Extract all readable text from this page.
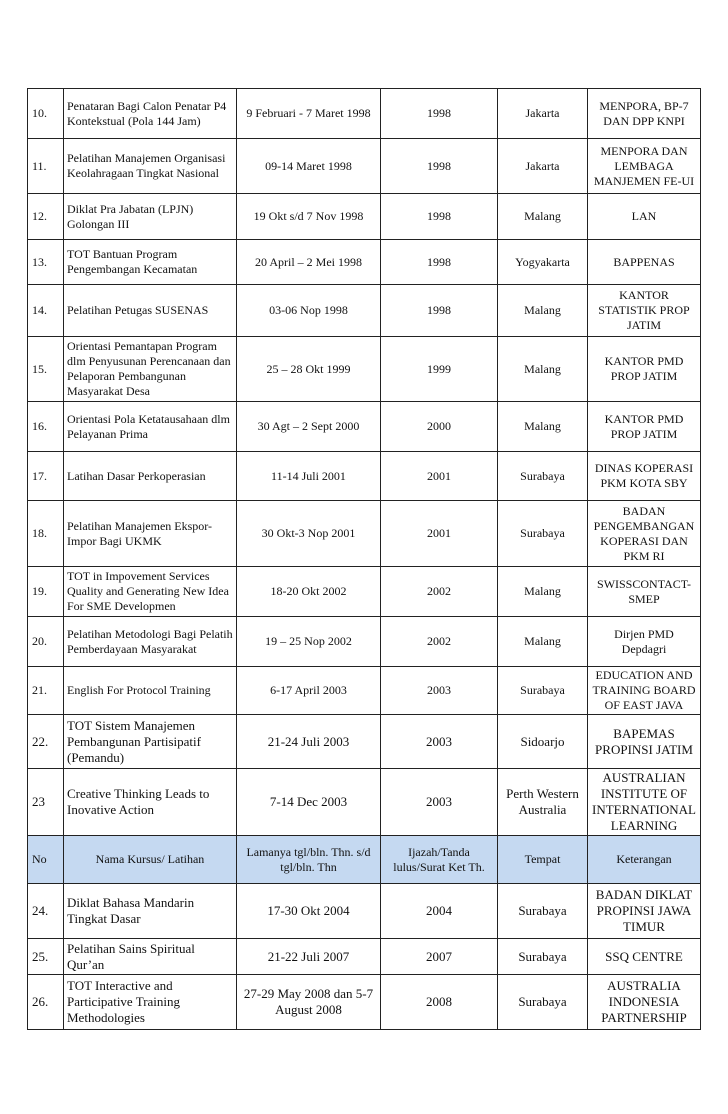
10.	Penataran Bagi Calon Penatar P4 Kontekstual (Pola 144 Jam)	9 Februari - 7 Maret 1998	1998	Jakarta	MENPORA, BP-7 DAN DPP KNPI
11.	Pelatihan Manajemen Organisasi Keolahragaan Tingkat Nasional	09-14 Maret 1998	1998	Jakarta	MENPORA DAN LEMBAGA MANJEMEN FE-UI
12.	Diklat Pra Jabatan (LPJN) Golongan III	19 Okt s/d 7 Nov 1998	1998	Malang	LAN
13.	TOT Bantuan Program Pengembangan Kecamatan	20 April – 2 Mei 1998	1998	Yogyakarta	BAPPENAS
14.	Pelatihan Petugas SUSENAS	03-06 Nop 1998	1998	Malang	KANTOR STATISTIK PROP JATIM
15.	Orientasi Pemantapan Program dlm Penyusunan Perencanaan dan Pelaporan Pembangunan Masyarakat Desa	25 – 28 Okt 1999	1999	Malang	KANTOR PMD PROP JATIM
16.	Orientasi Pola Ketatausahaan dlm Pelayanan Prima	30 Agt – 2 Sept 2000	2000	Malang	KANTOR PMD PROP JATIM
17.	Latihan Dasar Perkoperasian	11-14 Juli 2001	2001	Surabaya	DINAS KOPERASI PKM KOTA SBY
18.	Pelatihan Manajemen Ekspor-Impor Bagi UKMK	30 Okt-3 Nop 2001	2001	Surabaya	BADAN PENGEMBANGAN KOPERASI DAN PKM RI
19.	TOT in Impovement Services Quality and Generating New Idea For SME Developmen	18-20 Okt 2002	2002	Malang	SWISSCONTACT-SMEP
20.	Pelatihan Metodologi Bagi Pelatih Pemberdayaan Masyarakat	19 – 25 Nop 2002	2002	Malang	Dirjen PMD Depdagri
21.	English For Protocol Training	6-17 April 2003	2003	Surabaya	EDUCATION AND TRAINING BOARD OF EAST JAVA
22.	TOT Sistem Manajemen Pembangunan Partisipatif (Pemandu)	21-24 Juli 2003	2003	Sidoarjo	BAPEMAS PROPINSI JATIM
23	Creative Thinking Leads to Inovative Action	7-14 Dec 2003	2003	Perth Western Australia	AUSTRALIAN INSTITUTE OF INTERNATIONAL LEARNING
No	Nama Kursus/ Latihan	Lamanya tgl/bln. Thn. s/d tgl/bln. Thn	Ijazah/Tanda lulus/Surat Ket Th.	Tempat	Keterangan
24.	Diklat Bahasa Mandarin Tingkat Dasar	17-30 Okt 2004	2004	Surabaya	BADAN DIKLAT PROPINSI JAWA TIMUR
25.	Pelatihan Sains Spiritual Qur’an	21-22 Juli 2007	2007	Surabaya	SSQ CENTRE
26.	TOT Interactive and Participative Training Methodologies	27-29 May 2008 dan 5-7 August 2008	2008	Surabaya	AUSTRALIA INDONESIA PARTNERSHIP
